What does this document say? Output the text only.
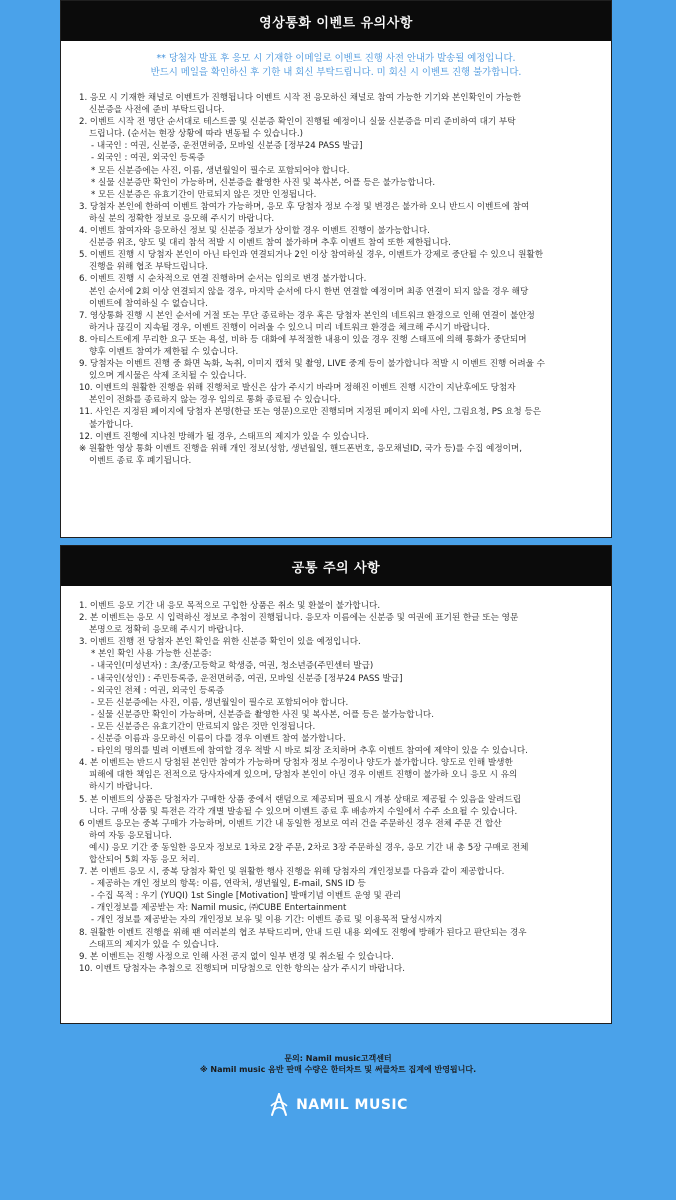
영상통화 이벤트 유의사항
** 당첨자 발표 후 응모 시 기재한 이메일로 이벤트 진행 사전 안내가 발송될 예정입니다.
반드시 메일을 확인하신 후 기한 내 회신 부탁드립니다. 미 회신 시 이벤트 진행 불가합니다.
1. 응모 시 기재한 채널로 이벤트가 진행됩니다 이벤트 시작 전 응모하신 채널로 참여 가능한 기기와 본인확인이 가능한
신분증을 사전에 준비 부탁드립니다.
2. 이벤트 시작 전 명단 순서대로 테스트콜 및 신분증 확인이 진행될 예정이니 실물 신분증을 미리 준비하여 대기 부탁
드립니다. (순서는 현장 상황에 따라 변동될 수 있습니다.)
- 내국인 : 여권, 신분증, 운전면허증, 모바일 신분증 [정부24 PASS 발급]
- 외국인 : 여권, 외국인 등록증
* 모든 신분증에는 사진, 이름, 생년월일이 필수로 포함되어야 합니다.
* 실물 신분증만 확인이 가능하며, 신분증을 촬영한 사진 및 복사본, 어플 등은 불가능합니다.
* 모든 신분증은 유효기간이 만료되지 않은 것만 인정됩니다.
3. 당첨자 본인에 한하여 이벤트 참여가 가능하며, 응모 후 당첨자 정보 수정 및 변경은 불가하 오니 반드시 이벤트에 참여
하실 분의 정확한 정보로 응모해 주시기 바랍니다.
4. 이벤트 참여자와 응모하신 정보 및 신분증 정보가 상이할 경우 이벤트 진행이 불가능합니다.
신분증 위조, 양도 및 대리 참석 적발 시 이벤트 참여 불가하며 추후 이벤트 참여 또한 제한됩니다.
5. 이벤트 진행 시 당첨자 본인이 아닌 타인과 연결되거나 2인 이상 참여하실 경우, 이벤트가 강제로 중단될 수 있으니 원활한
진행을 위해 협조 부탁드립니다.
6. 이벤트 진행 시 순차적으로 연결 진행하며 순서는 임의로 변경 불가합니다.
본인 순서에 2회 이상 연결되지 않을 경우, 마지막 순서에 다시 한번 연결할 예정이며 최종 연결이 되지 않을 경우 해당
이벤트에 참여하실 수 없습니다.
7. 영상통화 진행 시 본인 순서에 거절 또는 무단 종료하는 경우 혹은 당첨자 본인의 네트워크 환경으로 인해 연결이 불안정
하거나 끊길이 지속될 경우, 이벤트 진행이 어려울 수 있으니 미리 네트워크 환경을 체크해 주시기 바랍니다.
8. 아티스트에게 무리한 요구 또는 욕설, 비하 등 대화에 부적절한 내용이 있을 경우 진행 스태프에 의해 통화가 중단되며
향후 이벤트 참여가 제한될 수 있습니다.
9. 당첨자는 이벤트 진행 중 화면 녹화, 녹취, 이미지 캡처 및 촬영, LIVE 중계 등이 불가합니다 적발 시 이벤트 진행 어려울 수
있으며 게시물은 삭제 조치될 수 있습니다.
10. 이벤트의 원활한 진행을 위해 진행처로 발신은 삼가 주시기 바라며 정해진 이벤트 진행 시간이 지난후에도 당첨자
본인이 전화를 종료하지 않는 경우 임의로 통화 종료될 수 있습니다.
11. 사인은 지정된 페이지에 당첨자 본명(한글 또는 영문)으로만 진행되며 지정된 페이지 외에 사인, 그림요청, PS 요청 등은
불가합니다.
12. 이벤트 진행에 지나친 방해가 될 경우, 스태프의 제지가 있을 수 있습니다.
※ 원활한 영상 통화 이벤트 진행을 위해 개인 정보(성함, 생년월일, 핸드폰번호, 응모채널ID, 국가 등)를 수집 예정이며,
이벤트 종료 후 폐기됩니다.
공통 주의 사항
1. 이벤트 응모 기간 내 응모 목적으로 구입한 상품은 취소 및 환불이 불가합니다.
2. 본 이벤트는 응모 시 입력하신 정보로 추첨이 진행됩니다. 응모자 이름에는 신분증 및 여권에 표기된 한글 또는 영문
본명으로 정확히 응모해 주시기 바랍니다.
3. 이벤트 진행 전 당첨자 본인 확인을 위한 신분증 확인이 있을 예정입니다.
* 본인 확인 사용 가능한 신분증:
- 내국인(미성년자) : 초/중/고등학교 학생증, 여권, 청소년증(주민센터 발급)
- 내국인(성인) : 주민등록증, 운전면허증, 여권, 모바일 신분증 [정부24 PASS 발급]
- 외국인 전체 : 여권, 외국인 등록증
- 모든 신분증에는 사진, 이름, 생년월일이 필수로 포함되어야 합니다.
- 실물 신분증만 확인이 가능하며, 신분증을 촬영한 사진 및 복사본, 어플 등은 불가능합니다.
- 모든 신분증은 유효기간이 만료되지 않은 것만 인정됩니다.
- 신분증 이름과 응모하신 이름이 다를 경우 이벤트 참여 불가합니다.
- 타인의 명의를 빌려 이벤트에 참여할 경우 적발 시 바로 퇴장 조치하며 추후 이벤트 참여에 제약이 있을 수 있습니다.
4. 본 이벤트는 반드시 당첨된 본인만 참여가 가능하며 당첨자 정보 수정이나 양도가 불가합니다. 양도로 인해 발생한
피해에 대한 책임은 전적으로 당사자에게 있으며, 당첨자 본인이 아닌 경우 이벤트 진행이 불가하 오니 응모 시 유의
하시기 바랍니다.
5. 본 이벤트의 상품은 당첨자가 구매한 상품 중에서 랜덤으로 제공되며 필요시 개봉 상태로 제공될 수 있음을 알려드립
니다. 구매 상품 및 특전은 각각 개별 발송될 수 있으며 이벤트 종료 후 배송까지 수일에서 수주 소요될 수 있습니다.
6 이벤트 응모는 중복 구매가 가능하며, 이벤트 기간 내 동일한 정보로 여러 건을 주문하신 경우 전체 주문 건 합산
하여 자동 응모됩니다.
예시) 응모 기간 중 동일한 응모자 정보로 1차로 2장 주문, 2차로 3장 주문하실 경우, 응모 기간 내 총 5장 구매로 전체
합산되어 5회 자동 응모 처리.
7. 본 이벤트 응모 시, 중복 당첨자 확인 및 원활한 행사 진행을 위해 당첨자의 개인정보를 다음과 같이 제공합니다.
- 제공하는 개인 정보의 항목: 이름, 연락처, 생년월일, E-mail, SNS ID 등
- 수집 목적 : 우기 (YUQI) 1st Single [Motivation] 발매기념 이벤트 운영 및 관리
- 개인정보를 제공받는 자: Namil music, ㈜CUBE Entertainment
- 개인 정보를 제공받는 자의 개인정보 보유 및 이용 기간: 이벤트 종료 및 이용목적 달성시까지
8. 원활한 이벤트 진행을 위해 팬 여러분의 협조 부탁드리며, 안내 드린 내용 외에도 진행에 방해가 된다고 판단되는 경우
스태프의 제지가 있을 수 있습니다.
9. 본 이벤트는 진행 사정으로 인해 사전 공지 없이 일부 변경 및 취소될 수 있습니다.
10. 이벤트 당첨자는 추첨으로 진행되며 미당첨으로 인한 항의는 삼가 주시기 바랍니다.
문의: Namil music고객센터
※ Namil music 음반 판매 수량은 한터차트 및 써클차트 집계에 반영됩니다.
NAMIL MUSIC
